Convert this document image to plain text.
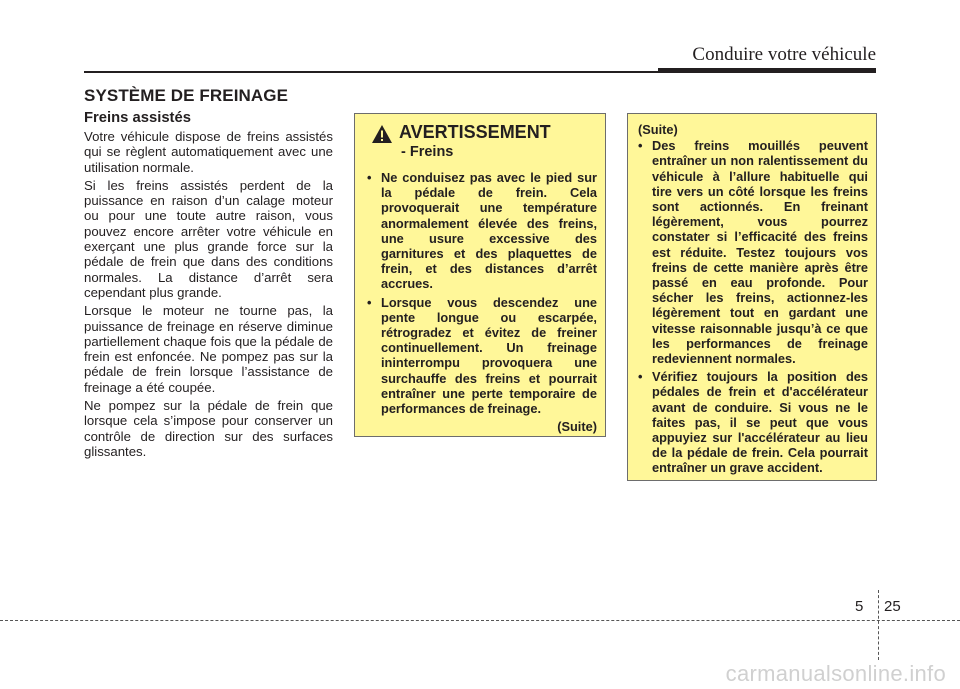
Conduire votre véhicule
SYSTÈME DE FREINAGE
Freins assistés

Votre véhicule dispose de freins assistés qui se règlent automatiquement avec une utilisation normale.

Si les freins assistés perdent de la puissance en raison d’un calage moteur ou pour une toute autre raison, vous pouvez encore arrêter votre véhicule en exerçant une plus grande force sur la pédale de frein que dans des conditions normales. La distance d’arrêt sera cependant plus grande.

Lorsque le moteur ne tourne pas, la puissance de freinage en réserve diminue partiellement chaque fois que la pédale de frein est enfoncée. Ne pompez pas sur la pédale de frein lorsque l’assistance de freinage a été coupée.

Ne pompez sur la pédale de frein que lorsque cela s’impose pour conserver un contrôle de direction sur des surfaces glissantes.

AVERTISSEMENT
- Freins
• Ne conduisez pas avec le pied sur la pédale de frein. Cela provoquerait une température anormalement élevée des freins, une usure excessive des garnitures et des plaquettes de frein, et des distances d’arrêt accrues.
• Lorsque vous descendez une pente longue ou escarpée, rétrogradez et évitez de freiner continuellement. Un freinage ininterrompu provoquera une surchauffe des freins et pourrait entraîner une perte temporaire de performances de freinage.
(Suite)
(Suite)
• Des freins mouillés peuvent entraîner un non ralentissement du véhicule à l’allure habituelle qui tire vers un côté lorsque les freins sont actionnés. En freinant légèrement, vous pourrez constater si l’efficacité des freins est réduite. Testez toujours vos freins de cette manière après être passé en eau profonde. Pour sécher les freins, actionnez-les légèrement tout en gardant une vitesse raisonnable jusqu’à ce que les performances de freinage redeviennent normales.
• Vérifiez toujours la position des pédales de frein et d'accélérateur avant de conduire. Si vous ne le faites pas, il se peut que vous appuyiez sur l'accélérateur au lieu de la pédale de frein. Cela pourrait entraîner un grave accident.
5 25
carmanualsonline.info
